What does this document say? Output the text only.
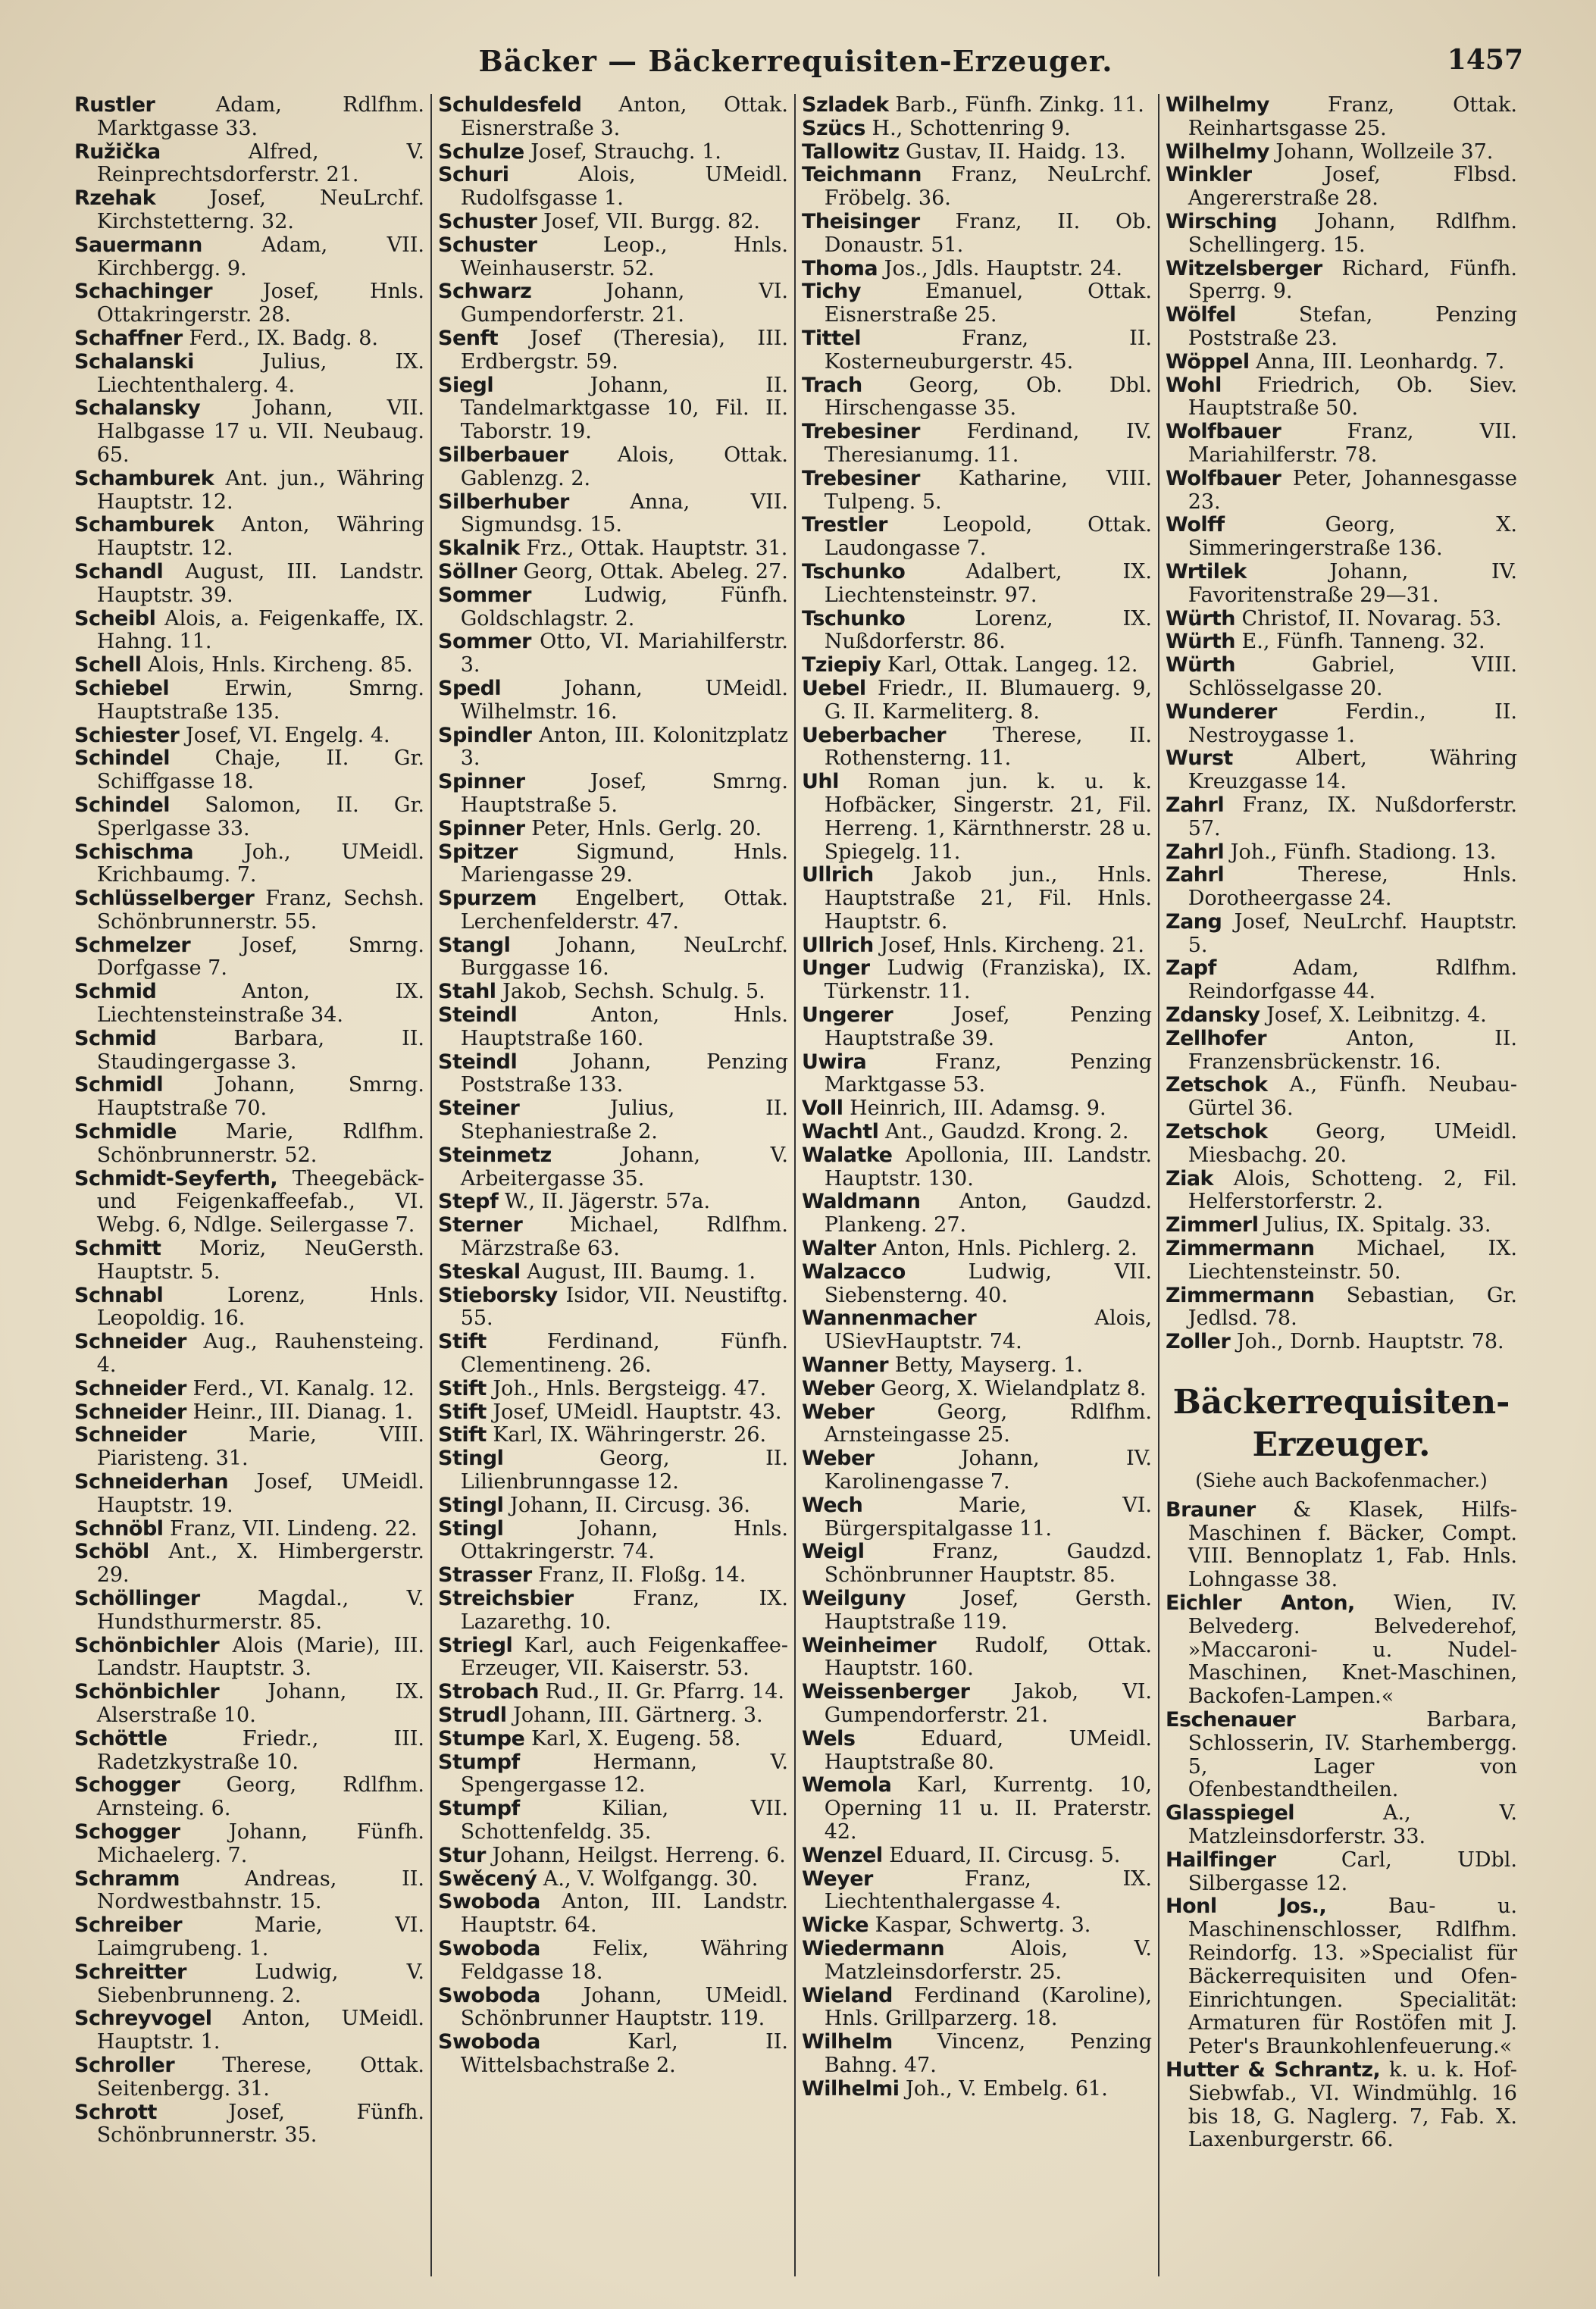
Bäcker — Bäckerrequisiten-Erzeuger.	1457

Rustler Adam, Rdlfhm. Marktgasse 33.

Ružička Alfred, V. Reinprechtsdorferstr. 21.

Rzehak Josef, NeuLrchf. Kirchstetterng. 32.

Sauermann Adam, VII. Kirchbergg. 9.

Schachinger Josef, Hnls. Ottakringerstr. 28.

Schaffner Ferd., IX. Badg. 8.

Schalanski Julius, IX. Liechtenthalerg. 4.

Schalansky Johann, VII. Halbgasse 17 u. VII. Neubaug. 65.

Schamburek Ant. jun., Währing Hauptstr. 12.

Schamburek Anton, Währing Hauptstr. 12.

Schandl August, III. Landstr. Hauptstr. 39.

Scheibl Alois, a. Feigenkaffe, IX. Hahng. 11.

Schell Alois, Hnls. Kircheng. 85.

Schiebel Erwin, Smrng. Hauptstraße 135.

Schiester Josef, VI. Engelg. 4.

Schindel Chaje, II. Gr. Schiffgasse 18.

Schindel Salomon, II. Gr. Sperlgasse 33.

Schischma Joh., UMeidl. Krichbaumg. 7.

Schlüsselberger Franz, Sechsh. Schönbrunnerstr. 55.

Schmelzer Josef, Smrng. Dorfgasse 7.

Schmid Anton, IX. Liechtensteinstraße 34.

Schmid Barbara, II. Staudingergasse 3.

Schmidl Johann, Smrng. Hauptstraße 70.

Schmidle Marie, Rdlfhm. Schönbrunnerstr. 52.

Schmidt-Seyferth, Theegebäck- und Feigenkaffeefab., VI. Webg. 6, Ndlge. Seilergasse 7.

Schmitt Moriz, NeuGersth. Hauptstr. 5.

Schnabl Lorenz, Hnls. Leopoldig. 16.

Schneider Aug., Rauhensteing. 4.

Schneider Ferd., VI. Kanalg. 12.

Schneider Heinr., III. Dianag. 1.

Schneider Marie, VIII. Piaristeng. 31.

Schneiderhan Josef, UMeidl. Hauptstr. 19.

Schnöbl Franz, VII. Lindeng. 22.

Schöbl Ant., X. Himbergerstr. 29.

Schöllinger Magdal., V. Hundsthurmerstr. 85.

Schönbichler Alois (Marie), III. Landstr. Hauptstr. 3.

Schönbichler Johann, IX. Alserstraße 10.

Schöttle Friedr., III. Radetzkystraße 10.

Schogger Georg, Rdlfhm. Arnsteing. 6.

Schogger Johann, Fünfh. Michaelerg. 7.

Schramm Andreas, II. Nordwestbahnstr. 15.

Schreiber Marie, VI. Laimgrubeng. 1.

Schreitter Ludwig, V. Siebenbrunneng. 2.

Schreyvogel Anton, UMeidl. Hauptstr. 1.

Schroller Therese, Ottak. Seitenbergg. 31.

Schrott Josef, Fünfh. Schönbrunnerstr. 35.

Schuldesfeld Anton, Ottak. Eisnerstraße 3.

Schulze Josef, Strauchg. 1.

Schuri Alois, UMeidl. Rudolfsgasse 1.

Schuster Josef, VII. Burgg. 82.

Schuster Leop., Hnls. Weinhauserstr. 52.

Schwarz Johann, VI. Gumpendorferstr. 21.

Senft Josef (Theresia), III. Erdbergstr. 59.

Siegl Johann, II. Tandelmarktgasse 10, Fil. II. Taborstr. 19.

Silberbauer Alois, Ottak. Gablenzg. 2.

Silberhuber Anna, VII. Sigmundsg. 15.

Skalnik Frz., Ottak. Hauptstr. 31.

Söllner Georg, Ottak. Abeleg. 27.

Sommer Ludwig, Fünfh. Goldschlagstr. 2.

Sommer Otto, VI. Mariahilferstr. 3.

Spedl Johann, UMeidl. Wilhelmstr. 16.

Spindler Anton, III. Kolonitzplatz 3.

Spinner Josef, Smrng. Hauptstraße 5.

Spinner Peter, Hnls. Gerlg. 20.

Spitzer Sigmund, Hnls. Mariengasse 29.

Spurzem Engelbert, Ottak. Lerchenfelderstr. 47.

Stangl Johann, NeuLrchf. Burggasse 16.

Stahl Jakob, Sechsh. Schulg. 5.

Steindl Anton, Hnls. Hauptstraße 160.

Steindl Johann, Penzing Poststraße 133.

Steiner Julius, II. Stephaniestraße 2.

Steinmetz Johann, V. Arbeitergasse 35.

Stepf W., II. Jägerstr. 57a.

Sterner Michael, Rdlfhm. Märzstraße 63.

Steskal August, III. Baumg. 1.

Stieborsky Isidor, VII. Neustiftg. 55.

Stift Ferdinand, Fünfh. Clementineng. 26.

Stift Joh., Hnls. Bergsteigg. 47.

Stift Josef, UMeidl. Hauptstr. 43.

Stift Karl, IX. Währingerstr. 26.

Stingl Georg, II. Lilienbrunngasse 12.

Stingl Johann, II. Circusg. 36.

Stingl Johann, Hnls. Ottakringerstr. 74.

Strasser Franz, II. Floßg. 14.

Streichsbier Franz, IX. Lazarethg. 10.

Striegl Karl, auch Feigenkaffee-Erzeuger, VII. Kaiserstr. 53.

Strobach Rud., II. Gr. Pfarrg. 14.

Strudl Johann, III. Gärtnerg. 3.

Stumpe Karl, X. Eugeng. 58.

Stumpf Hermann, V. Spengergasse 12.

Stumpf Kilian, VII. Schottenfeldg. 35.

Stur Johann, Heilgst. Herreng. 6.

Swěcený A., V. Wolfgangg. 30.

Swoboda Anton, III. Landstr. Hauptstr. 64.

Swoboda Felix, Währing Feldgasse 18.

Swoboda Johann, UMeidl. Schönbrunner Hauptstr. 119.

Swoboda Karl, II. Wittelsbachstraße 2.

Szladek Barb., Fünfh. Zinkg. 11.

Szücs H., Schottenring 9.

Tallowitz Gustav, II. Haidg. 13.

Teichmann Franz, NeuLrchf. Fröbelg. 36.

Theisinger Franz, II. Ob. Donaustr. 51.

Thoma Jos., Jdls. Hauptstr. 24.

Tichy Emanuel, Ottak. Eisnerstraße 25.

Tittel Franz, II. Kosterneuburgerstr. 45.

Trach Georg, Ob. Dbl. Hirschengasse 35.

Trebesiner Ferdinand, IV. Theresianumg. 11.

Trebesiner Katharine, VIII. Tulpeng. 5.

Trestler Leopold, Ottak. Laudongasse 7.

Tschunko Adalbert, IX. Liechtensteinstr. 97.

Tschunko Lorenz, IX. Nußdorferstr. 86.

Tziepiy Karl, Ottak. Langeg. 12.

Uebel Friedr., II. Blumauerg. 9, G. II. Karmeliterg. 8.

Ueberbacher Therese, II. Rothensterng. 11.

Uhl Roman jun. k. u. k. Hofbäcker, Singerstr. 21, Fil. Herreng. 1, Kärnthnerstr. 28 u. Spiegelg. 11.

Ullrich Jakob jun., Hnls. Hauptstraße 21, Fil. Hnls. Hauptstr. 6.

Ullrich Josef, Hnls. Kircheng. 21.

Unger Ludwig (Franziska), IX. Türkenstr. 11.

Ungerer Josef, Penzing Hauptstraße 39.

Uwira Franz, Penzing Marktgasse 53.

Voll Heinrich, III. Adamsg. 9.

Wachtl Ant., Gaudzd. Krong. 2.

Walatke Apollonia, III. Landstr. Hauptstr. 130.

Waldmann Anton, Gaudzd. Plankeng. 27.

Walter Anton, Hnls. Pichlerg. 2.

Walzacco Ludwig, VII. Siebensterng. 40.

Wannenmacher Alois, USievHauptstr. 74.

Wanner Betty, Mayserg. 1.

Weber Georg, X. Wielandplatz 8.

Weber Georg, Rdlfhm. Arnsteingasse 25.

Weber Johann, IV. Karolinengasse 7.

Wech Marie, VI. Bürgerspitalgasse 11.

Weigl Franz, Gaudzd. Schönbrunner Hauptstr. 85.

Weilguny Josef, Gersth. Hauptstraße 119.

Weinheimer Rudolf, Ottak. Hauptstr. 160.

Weissenberger Jakob, VI. Gumpendorferstr. 21.

Wels Eduard, UMeidl. Hauptstraße 80.

Wemola Karl, Kurrentg. 10, Operning 11 u. II. Praterstr. 42.

Wenzel Eduard, II. Circusg. 5.

Weyer Franz, IX. Liechtenthalergasse 4.

Wicke Kaspar, Schwertg. 3.

Wiedermann Alois, V. Matzleinsdorferstr. 25.

Wieland Ferdinand (Karoline), Hnls. Grillparzerg. 18.

Wilhelm Vincenz, Penzing Bahng. 47.

Wilhelmi Joh., V. Embelg. 61.

Wilhelmy Franz, Ottak. Reinhartsgasse 25.

Wilhelmy Johann, Wollzeile 37.

Winkler Josef, Flbsd. Angererstraße 28.

Wirsching Johann, Rdlfhm. Schellingerg. 15.

Witzelsberger Richard, Fünfh. Sperrg. 9.

Wölfel Stefan, Penzing Poststraße 23.

Wöppel Anna, III. Leonhardg. 7.

Wohl Friedrich, Ob. Siev. Hauptstraße 50.

Wolfbauer Franz, VII. Mariahilferstr. 78.

Wolfbauer Peter, Johannesgasse 23.

Wolff Georg, X. Simmeringerstraße 136.

Wrtilek Johann, IV. Favoritenstraße 29—31.

Würth Christof, II. Novarag. 53.

Würth E., Fünfh. Tanneng. 32.

Würth Gabriel, VIII. Schlösselgasse 20.

Wunderer Ferdin., II. Nestroygasse 1.

Wurst Albert, Währing Kreuzgasse 14.

Zahrl Franz, IX. Nußdorferstr. 57.

Zahrl Joh., Fünfh. Stadiong. 13.

Zahrl Therese, Hnls. Dorotheergasse 24.

Zang Josef, NeuLrchf. Hauptstr. 5.

Zapf Adam, Rdlfhm. Reindorfgasse 44.

Zdansky Josef, X. Leibnitzg. 4.

Zellhofer Anton, II. Franzensbrückenstr. 16.

Zetschok A., Fünfh. Neubau-Gürtel 36.

Zetschok Georg, UMeidl. Miesbachg. 20.

Ziak Alois, Schotteng. 2, Fil. Helferstorferstr. 2.

Zimmerl Julius, IX. Spitalg. 33.

Zimmermann Michael, IX. Liechtensteinstr. 50.

Zimmermann Sebastian, Gr. Jedlsd. 78.

Zoller Joh., Dornb. Hauptstr. 78.

Bäckerrequisiten-
Erzeuger.
(Siehe auch Backofenmacher.)

Brauner & Klasek, Hilfs-Maschinen f. Bäcker, Compt. VIII. Bennoplatz 1, Fab. Hnls. Lohngasse 38.

Eichler Anton, Wien, IV. Belvederg. Belvederehof, »Maccaroni- u. Nudel-Maschinen, Knet-Maschinen, Backofen-Lampen.«

Eschenauer Barbara, Schlosserin, IV. Starhembergg. 5, Lager von Ofenbestandtheilen.

Glasspiegel A., V. Matzleinsdorferstr. 33.

Hailfinger Carl, UDbl. Silbergasse 12.

Honl Jos., Bau- u. Maschinenschlosser, Rdlfhm. Reindorfg. 13. »Specialist für Bäckerrequisiten und Ofen-Einrichtungen. Specialität: Armaturen für Rostöfen mit J. Peter's Braunkohlenfeuerung.«

Hutter & Schrantz, k. u. k. Hof-Siebwfab., VI. Windmühlg. 16 bis 18, G. Naglerg. 7, Fab. X. Laxenburgerstr. 66.
